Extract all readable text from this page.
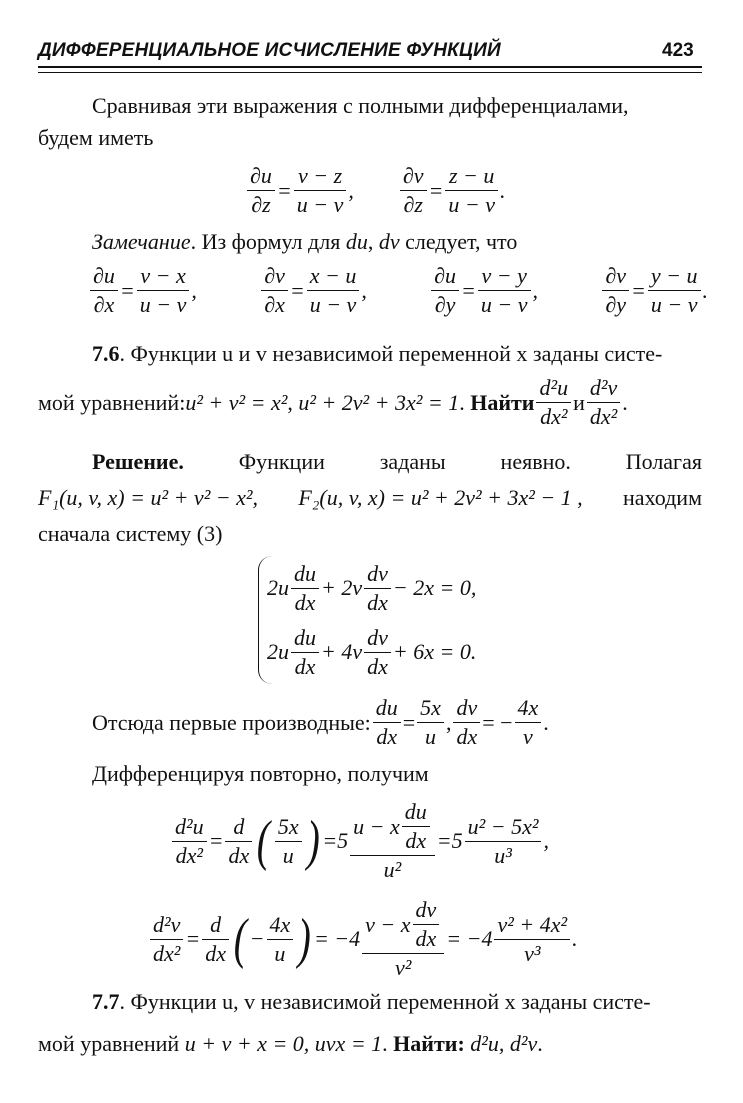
ДИФФЕРЕНЦИАЛЬНОЕ ИСЧИСЛЕНИЕ ФУНКЦИЙ	423
Сравнивая эти выражения с полными дифференциалами,
будем иметь
$\frac{\partial u}{\partial z} = \frac{v - z}{u - v}$ , $\frac{\partial v}{\partial z} = \frac{z - u}{u - v}$ .
Замечание. Из формул для du, dv следует, что
$\frac{\partial u}{\partial x} = \frac{v - x}{u - v}$ ,	$\frac{\partial v}{\partial x} = \frac{x - u}{u - v}$ ,	$\frac{\partial u}{\partial y} = \frac{v - y}{u - v}$ ,	$\frac{\partial v}{\partial y} = \frac{y - u}{u - v}$ .
7.6. Функции u и v независимой переменной x заданы систе-
мой уравнений: u² + v² = x² , u² + 2v² + 3x² = 1 . Найти $\frac{\text{d²u}}{\text{dx²}}$ и $\frac{\text{d²v}}{\text{dx²}}$ .
Решение. Функции заданы неявно. Полагая
F₁(u, v, x) = u² + v² − x², F₂(u, v, x) = u² + 2v² + 3x² − 1 , находим
сначала систему (3)
$2u \frac{du}{dx} + 2v \frac{dv}{dx} - 2x = 0$,
$2u \frac{du}{dx} + 4v \frac{dv}{dx} + 6x = 0$.
Отсюда первые производные: $\frac{du}{dx} = \frac{5x}{u}$ , $\frac{dv}{dx}$ = − $\frac{4x}{v}$ .
Дифференцируя повторно, получим
$\frac{\text{d²u}}{\text{dx²}} = \frac{d}{dx}$ ( $\frac{5x}{u}$ ) = $5 \frac{u - x \frac{du}{dx}}{\text{u²}} = 5 \frac{\text{u² − 5x²}}{\text{u³}}$ ,
$\frac{\text{d²v}}{\text{dx²}} = \frac{d}{dx}$ ( − $\frac{4x}{u}$ ) = − $4 \frac{v - x \frac{dv}{dx}}{\text{v²}}$ = − $4 \frac{\text{v² + 4x²}}{\text{v³}}$ .
7.7. Функции u, v независимой переменной x заданы систе-
мой уравнений u + v + x = 0, uvx = 1. Найти: d²u, d²v.
